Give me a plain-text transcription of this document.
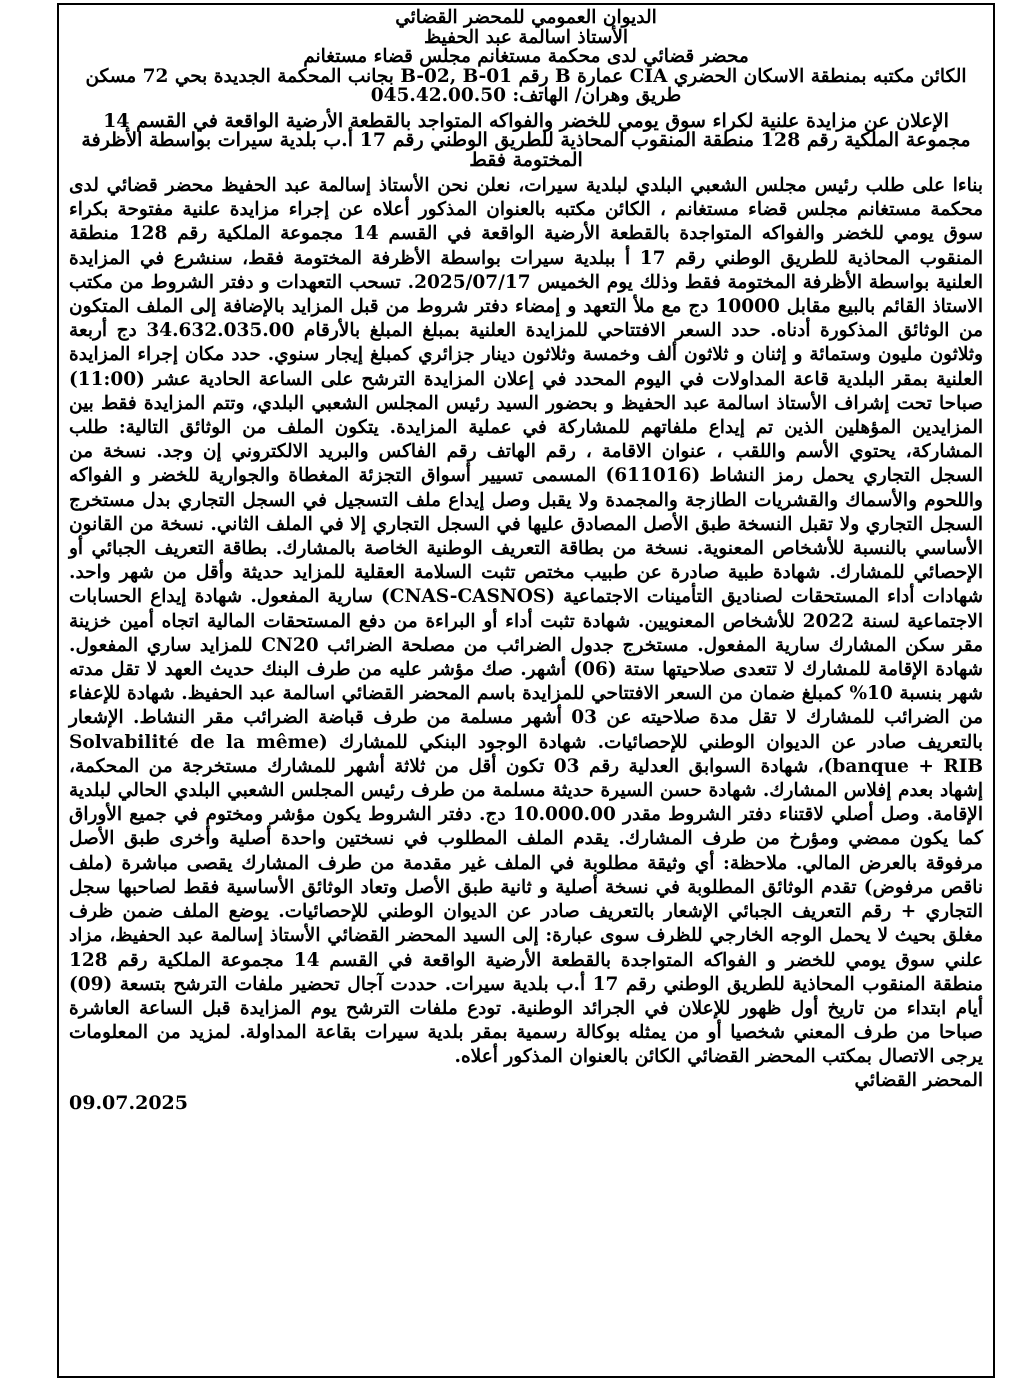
الديوان العمومي للمحضر القضائي
الأستاذ اسالمة عبد الحفيظ
محضر قضائي لدى محكمة مستغانم مجلس قضاء مستغانم
الكائن مكتبه بمنطقة الاسكان الحضري CIA عمارة B رقم B-02, B-01 بجانب المحكمة الجديدة بحي 72 مسكن طريق وهران/ الهاتف: 045.42.00.50
الإعلان عن مزايدة علنية لكراء سوق يومي للخضر والفواكه المتواجد بالقطعة الأرضية الواقعة في القسم 14 مجموعة الملكية رقم 128 منطقة المنقوب المحاذية للطريق الوطني رقم 17 أ.ب بلدية سيرات بواسطة الأظرفة المختومة فقط
بناءا على طلب رئيس مجلس الشعبي البلدي لبلدية سيرات، نعلن نحن الأستاذ إسالمة عبد الحفيظ محضر قضائي لدى محكمة مستغانم مجلس قضاء مستغانم ، الكائن مكتبه بالعنوان المذكور أعلاه عن إجراء مزايدة علنية مفتوحة بكراء سوق يومي للخضر والفواكه المتواجدة بالقطعة الأرضية الواقعة في القسم 14 مجموعة الملكية رقم 128 منطقة المنقوب المحاذية للطريق الوطني رقم 17 أ ببلدية سيرات بواسطة الأظرفة المختومة فقط، سنشرع في المزايدة العلنية بواسطة الأظرفة المختومة فقط وذلك يوم الخميس 2025/07/17. تسحب التعهدات و دفتر الشروط من مكتب الاستاذ القائم بالبيع مقابل 10000 دج مع ملأ التعهد و إمضاء دفتر شروط من قبل المزايد بالإضافة إلى الملف المتكون من الوثائق المذكورة أدناه. حدد السعر الافتتاحي للمزايدة العلنية بمبلغ المبلغ بالأرقام 34.632.035.00 دج أربعة وثلاثون مليون وستمائة و إثنان و ثلاثون ألف وخمسة وثلاثون دينار جزائري كمبلغ إيجار سنوي. حدد مكان إجراء المزايدة العلنية بمقر البلدية قاعة المداولات في اليوم المحدد في إعلان المزايدة الترشح على الساعة الحادية عشر (11:00) صباحا تحت إشراف الأستاذ اسالمة عبد الحفيظ و بحضور السيد رئيس المجلس الشعبي البلدي، وتتم المزايدة فقط بين المزايدين المؤهلين الذين تم إيداع ملفاتهم للمشاركة في عملية المزايدة. يتكون الملف من الوثائق التالية: طلب المشاركة، يحتوي الأسم واللقب ، عنوان الاقامة ، رقم الهاتف رقم الفاكس والبريد الالكتروني إن وجد. نسخة من السجل التجاري يحمل رمز النشاط (611016) المسمى تسيير أسواق التجزئة المغطاة والجوارية للخضر و الفواكه واللحوم والأسماك والقشريات الطازجة والمجمدة ولا يقبل وصل إيداع ملف التسجيل في السجل التجاري بدل مستخرج السجل التجاري ولا تقبل النسخة طبق الأصل المصادق عليها في السجل التجاري إلا في الملف الثاني. نسخة من القانون الأساسي بالنسبة للأشخاص المعنوية. نسخة من بطاقة التعريف الوطنية الخاصة بالمشارك. بطاقة التعريف الجبائي أو الإحصائي للمشارك. شهادة طبية صادرة عن طبيب مختص تثبت السلامة العقلية للمزايد حديثة وأقل من شهر واحد. شهادات أداء المستحقات لصناديق التأمينات الاجتماعية (CNAS-CASNOS) سارية المفعول. شهادة إيداع الحسابات الاجتماعية لسنة 2022 للأشخاص المعنويين. شهادة تثبت أداء أو البراءة من دفع المستحقات المالية اتجاه أمين خزينة مقر سكن المشارك سارية المفعول. مستخرج جدول الضرائب من مصلحة الضرائب CN20 للمزايد ساري المفعول. شهادة الإقامة للمشارك لا تتعدى صلاحيتها ستة (06) أشهر. صك مؤشر عليه من طرف البنك حديث العهد لا تقل مدته شهر بنسبة 10% كمبلغ ضمان من السعر الافتتاحي للمزايدة باسم المحضر القضائي اسالمة عبد الحفيظ. شهادة للإعفاء من الضرائب للمشارك لا تقل مدة صلاحيته عن 03 أشهر مسلمة من طرف قباضة الضرائب مقر النشاط. الإشعار بالتعريف صادر عن الديوان الوطني للإحصائيات. شهادة الوجود البنكي للمشارك (Solvabilité de la même banque + RIB)، شهادة السوابق العدلية رقم 03 تكون أقل من ثلاثة أشهر للمشارك مستخرجة من المحكمة، إشهاد بعدم إفلاس المشارك. شهادة حسن السيرة حديثة مسلمة من طرف رئيس المجلس الشعبي البلدي الحالي لبلدية الإقامة. وصل أصلي لاقتناء دفتر الشروط مقدر 10.000.00 دج. دفتر الشروط يكون مؤشر ومختوم في جميع الأوراق كما يكون ممضي ومؤرخ من طرف المشارك. يقدم الملف المطلوب في نسختين واحدة أصلية وأخرى طبق الأصل مرفوقة بالعرض المالي. ملاحظة: أي وثيقة مطلوبة في الملف غير مقدمة من طرف المشارك يقصى مباشرة (ملف ناقص مرفوض) تقدم الوثائق المطلوبة في نسخة أصلية و ثانية طبق الأصل وتعاد الوثائق الأساسية فقط لصاحبها سجل التجاري + رقم التعريف الجبائي الإشعار بالتعريف صادر عن الديوان الوطني للإحصائيات. يوضع الملف ضمن ظرف مغلق بحيث لا يحمل الوجه الخارجي للظرف سوى عبارة: إلى السيد المحضر القضائي الأستاذ إسالمة عبد الحفيظ، مزاد علني سوق يومي للخضر و الفواكه المتواجدة بالقطعة الأرضية الواقعة في القسم 14 مجموعة الملكية رقم 128 منطقة المنقوب المحاذية للطريق الوطني رقم 17 أ.ب بلدية سيرات. حددت آجال تحضير ملفات الترشح بتسعة (09) أيام ابتداء من تاريخ أول ظهور للإعلان في الجرائد الوطنية. تودع ملفات الترشح يوم المزايدة قبل الساعة العاشرة صباحا من طرف المعني شخصيا أو من يمثله بوكالة رسمية بمقر بلدية سيرات بقاعة المداولة. لمزيد من المعلومات يرجى الاتصال بمكتب المحضر القضائي الكائن بالعنوان المذكور أعلاه.
المحضر القضائي
09.07.2025
